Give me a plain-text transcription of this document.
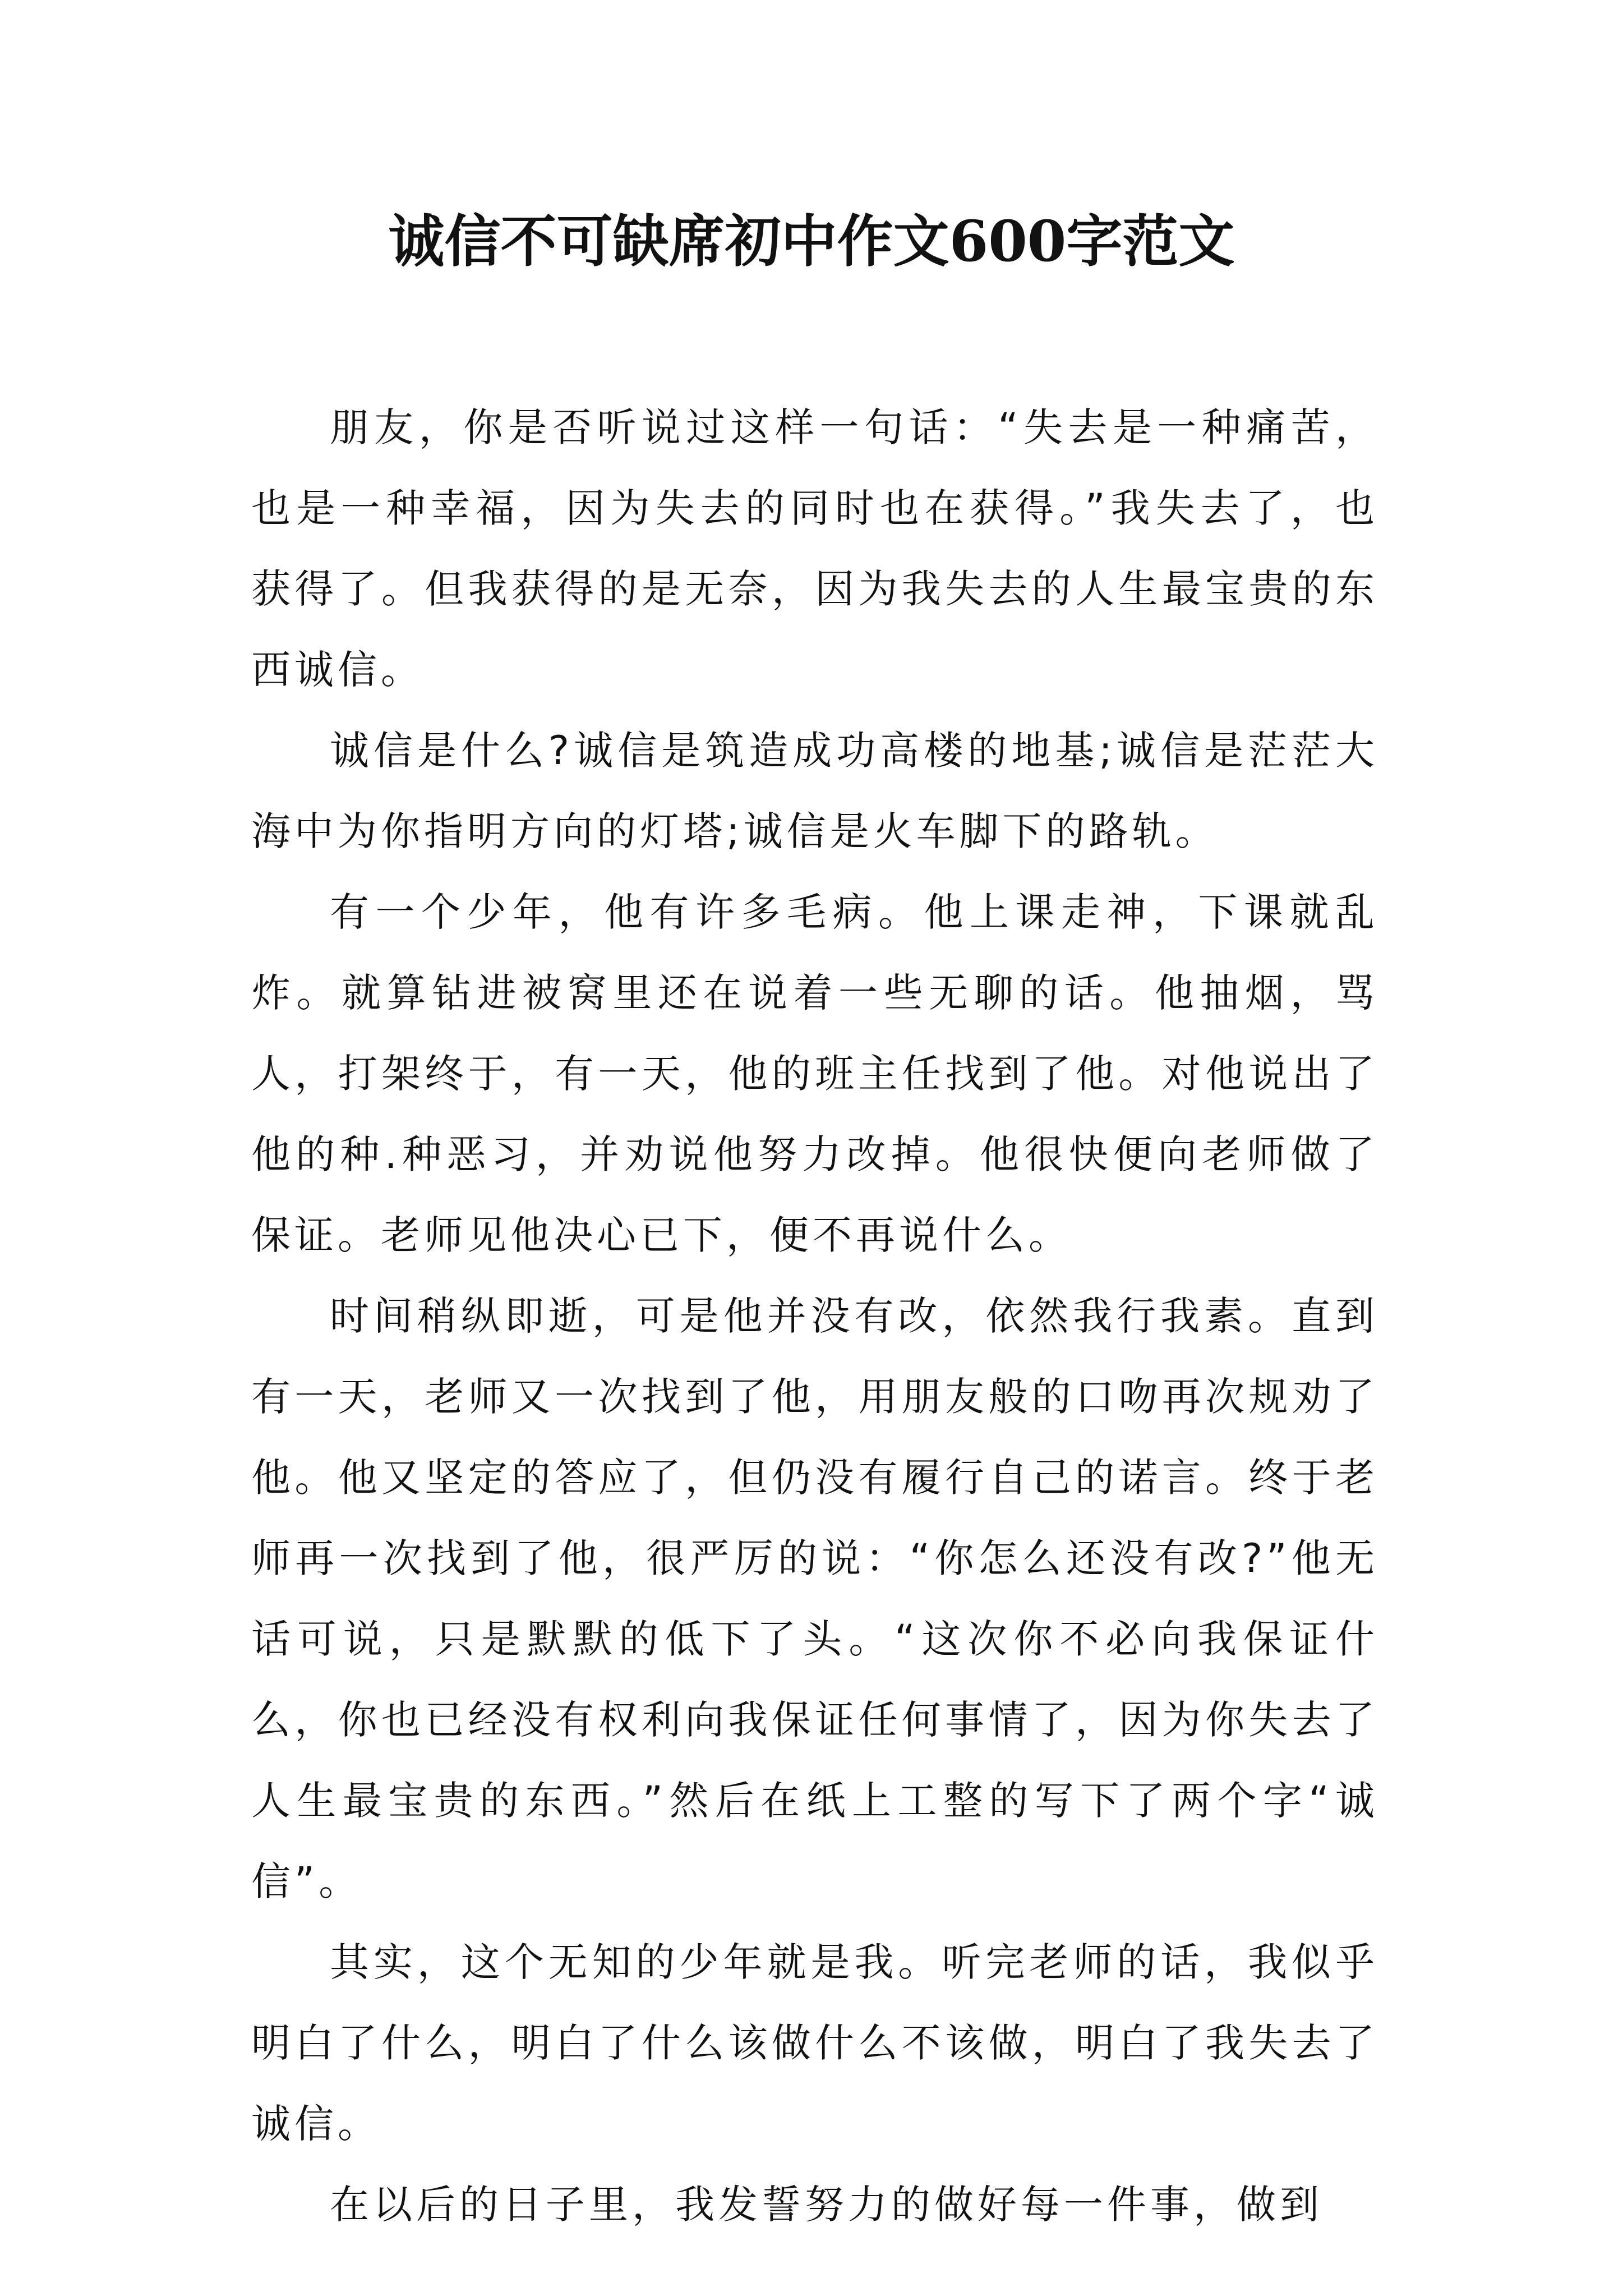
诚信不可缺席初中作文600字范文

朋友，你是否听说过这样一句话：“失去是一种痛苦，也是一种幸福，因为失去的同时也在获得。”我失去了，也获得了。但我获得的是无奈，因为我失去的人生最宝贵的东西诚信。

诚信是什么?诚信是筑造成功高楼的地基;诚信是茫茫大海中为你指明方向的灯塔;诚信是火车脚下的路轨。

有一个少年，他有许多毛病。他上课走神，下课就乱炸。就算钻进被窝里还在说着一些无聊的话。他抽烟，骂人，打架终于，有一天，他的班主任找到了他。对他说出了他的种.种恶习，并劝说他努力改掉。他很快便向老师做了保证。老师见他决心已下，便不再说什么。

时间稍纵即逝，可是他并没有改，依然我行我素。直到有一天，老师又一次找到了他，用朋友般的口吻再次规劝了他。他又坚定的答应了，但仍没有履行自己的诺言。终于老师再一次找到了他，很严厉的说：“你怎么还没有改?”他无话可说，只是默默的低下了头。“这次你不必向我保证什么，你也已经没有权利向我保证任何事情了，因为你失去了人生最宝贵的东西。”然后在纸上工整的写下了两个字“诚信”。

其实，这个无知的少年就是我。听完老师的话，我似乎明白了什么，明白了什么该做什么不该做，明白了我失去了诚信。

在以后的日子里，我发誓努力的做好每一件事，做到
